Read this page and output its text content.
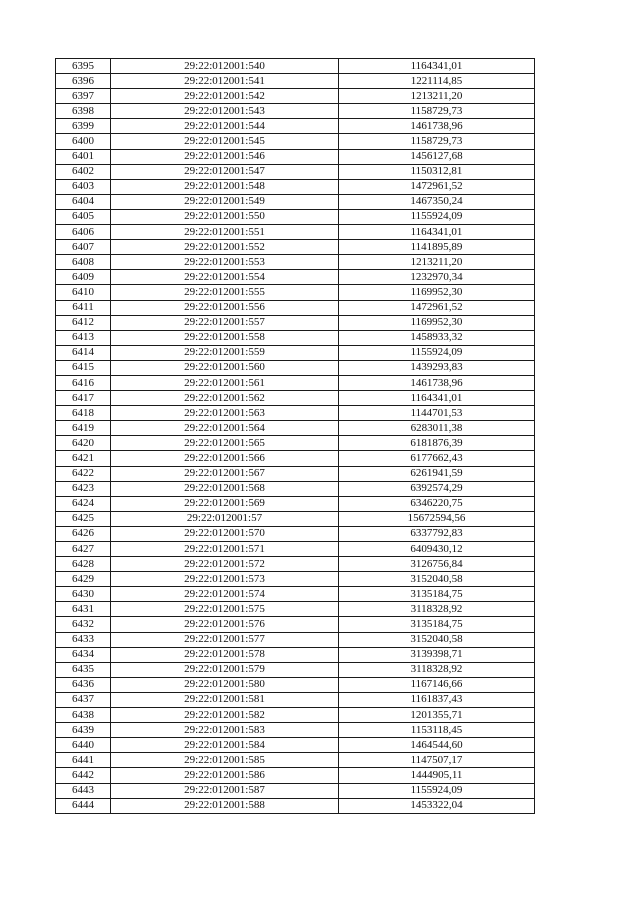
6395	29:22:012001:540	1164341,01
6396	29:22:012001:541	1221114,85
6397	29:22:012001:542	1213211,20
6398	29:22:012001:543	1158729,73
6399	29:22:012001:544	1461738,96
6400	29:22:012001:545	1158729,73
6401	29:22:012001:546	1456127,68
6402	29:22:012001:547	1150312,81
6403	29:22:012001:548	1472961,52
6404	29:22:012001:549	1467350,24
6405	29:22:012001:550	1155924,09
6406	29:22:012001:551	1164341,01
6407	29:22:012001:552	1141895,89
6408	29:22:012001:553	1213211,20
6409	29:22:012001:554	1232970,34
6410	29:22:012001:555	1169952,30
6411	29:22:012001:556	1472961,52
6412	29:22:012001:557	1169952,30
6413	29:22:012001:558	1458933,32
6414	29:22:012001:559	1155924,09
6415	29:22:012001:560	1439293,83
6416	29:22:012001:561	1461738,96
6417	29:22:012001:562	1164341,01
6418	29:22:012001:563	1144701,53
6419	29:22:012001:564	6283011,38
6420	29:22:012001:565	6181876,39
6421	29:22:012001:566	6177662,43
6422	29:22:012001:567	6261941,59
6423	29:22:012001:568	6392574,29
6424	29:22:012001:569	6346220,75
6425	29:22:012001:57	15672594,56
6426	29:22:012001:570	6337792,83
6427	29:22:012001:571	6409430,12
6428	29:22:012001:572	3126756,84
6429	29:22:012001:573	3152040,58
6430	29:22:012001:574	3135184,75
6431	29:22:012001:575	3118328,92
6432	29:22:012001:576	3135184,75
6433	29:22:012001:577	3152040,58
6434	29:22:012001:578	3139398,71
6435	29:22:012001:579	3118328,92
6436	29:22:012001:580	1167146,66
6437	29:22:012001:581	1161837,43
6438	29:22:012001:582	1201355,71
6439	29:22:012001:583	1153118,45
6440	29:22:012001:584	1464544,60
6441	29:22:012001:585	1147507,17
6442	29:22:012001:586	1444905,11
6443	29:22:012001:587	1155924,09
6444	29:22:012001:588	1453322,04
